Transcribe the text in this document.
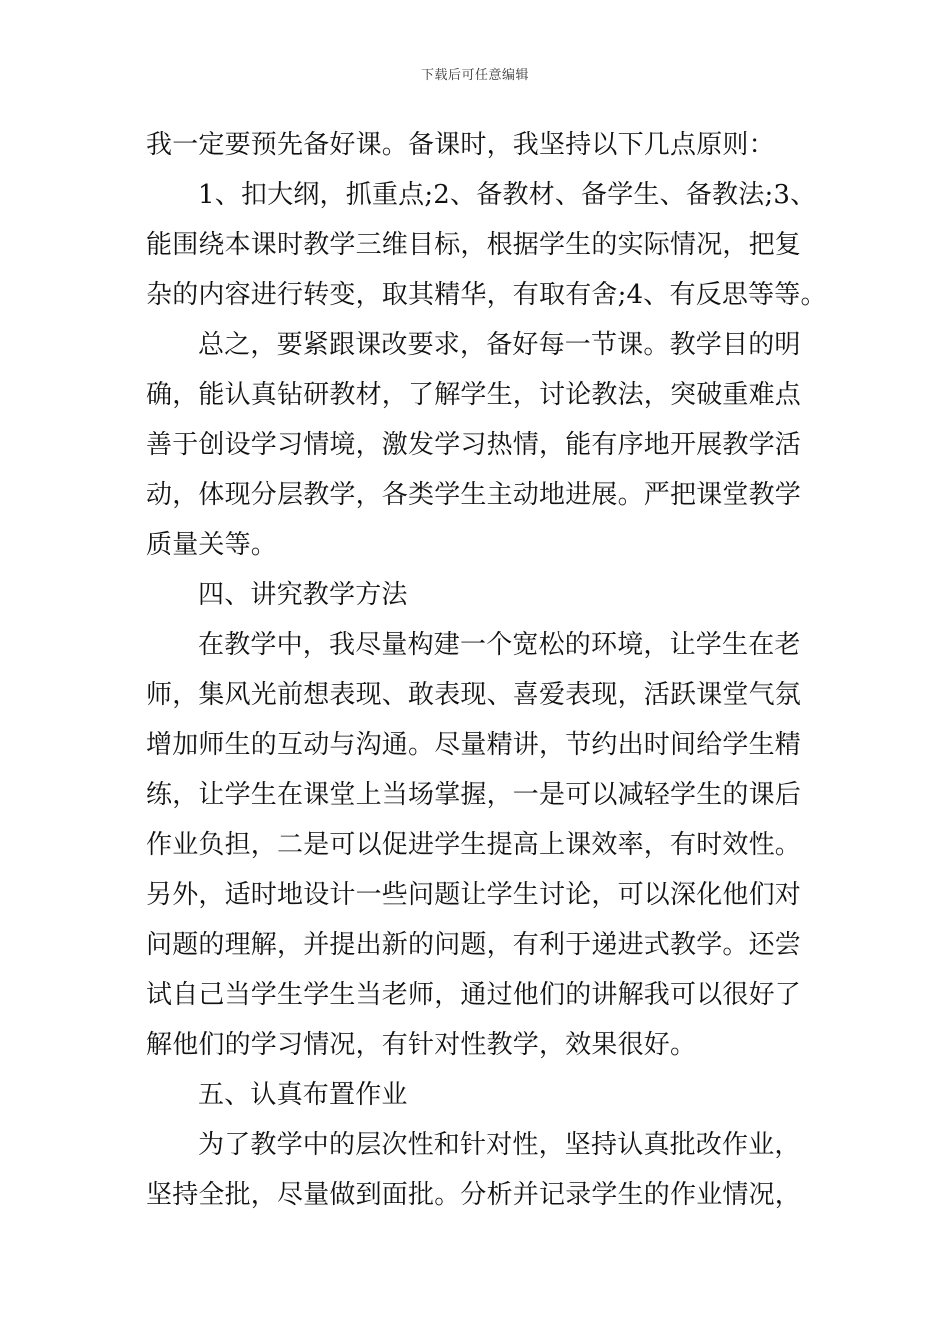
下载后可任意编辑
我一定要预先备好课。备课时，我坚持以下几点原则：
1、扣大纲，抓重点;2、备教材、备学生、备教法;3、
能围绕本课时教学三维目标，根据学生的实际情况，把复
杂的内容进行转变，取其精华，有取有舍;4、有反思等等。
总之，要紧跟课改要求，备好每一节课。教学目的明
确，能认真钻研教材，了解学生，讨论教法，突破重难点
善于创设学习情境，激发学习热情，能有序地开展教学活
动，体现分层教学，各类学生主动地进展。严把课堂教学
质量关等。
四、讲究教学方法
在教学中，我尽量构建一个宽松的环境，让学生在老
师，集风光前想表现、敢表现、喜爱表现，活跃课堂气氛
增加师生的互动与沟通。尽量精讲，节约出时间给学生精
练，让学生在课堂上当场掌握，一是可以减轻学生的课后
作业负担，二是可以促进学生提高上课效率，有时效性。
另外，适时地设计一些问题让学生讨论，可以深化他们对
问题的理解，并提出新的问题，有利于递进式教学。还尝
试自己当学生学生当老师，通过他们的讲解我可以很好了
解他们的学习情况，有针对性教学，效果很好。
五、认真布置作业
为了教学中的层次性和针对性，坚持认真批改作业，
坚持全批，尽量做到面批。分析并记录学生的作业情况，
